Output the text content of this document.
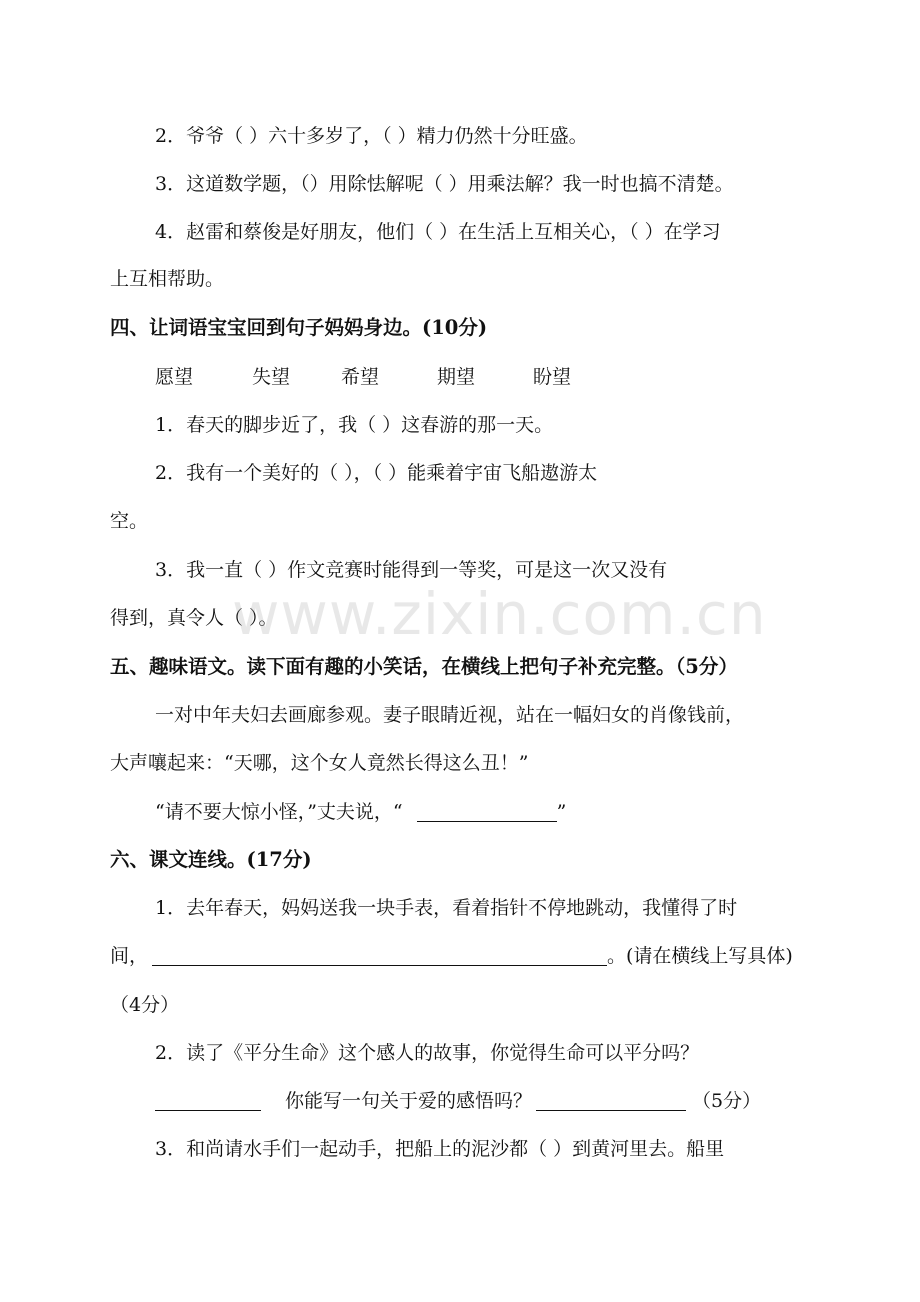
2．爷爷（ ）六十多岁了，（ ）精力仍然十分旺盛。
3．这道数学题，（）用除怯解呢（ ）用乘法解？我一时也搞不清楚。
4．赵雷和蔡俊是好朋友，他们（ ）在生活上互相关心，（ ）在学习
上互相帮助。
四、让词语宝宝回到句子妈妈身边。(10分)
愿望	失望	希望	期望	盼望
1．春天的脚步近了，我（ ）这春游的那一天。
2．我有一个美好的（ ），（ ）能乘着宇宙飞船遨游太
空。
3．我一直（ ）作文竞赛时能得到一等奖，可是这一次又没有
得到，真令人（ ）。
五、趣味语文。读下面有趣的小笑话，在横线上把句子补充完整。（5分）
一对中年夫妇去画廊参观。妻子眼睛近视，站在一幅妇女的肖像钱前，
大声嚷起来：“天哪，这个女人竟然长得这么丑！”
“请不要大惊小怪，”丈夫说，“	”
六、课文连线。(17分)
1．去年春天，妈妈送我一块手表，看着指针不停地跳动，我懂得了时
间，	。(请在横线上写具体)
（4分）
2．读了《平分生命》这个感人的故事，你觉得生命可以平分吗？
你能写一句关于爱的感悟吗？	（5分）
3．和尚请水手们一起动手，把船上的泥沙都（ ）到黄河里去。船里
www.zixin.com.cn
